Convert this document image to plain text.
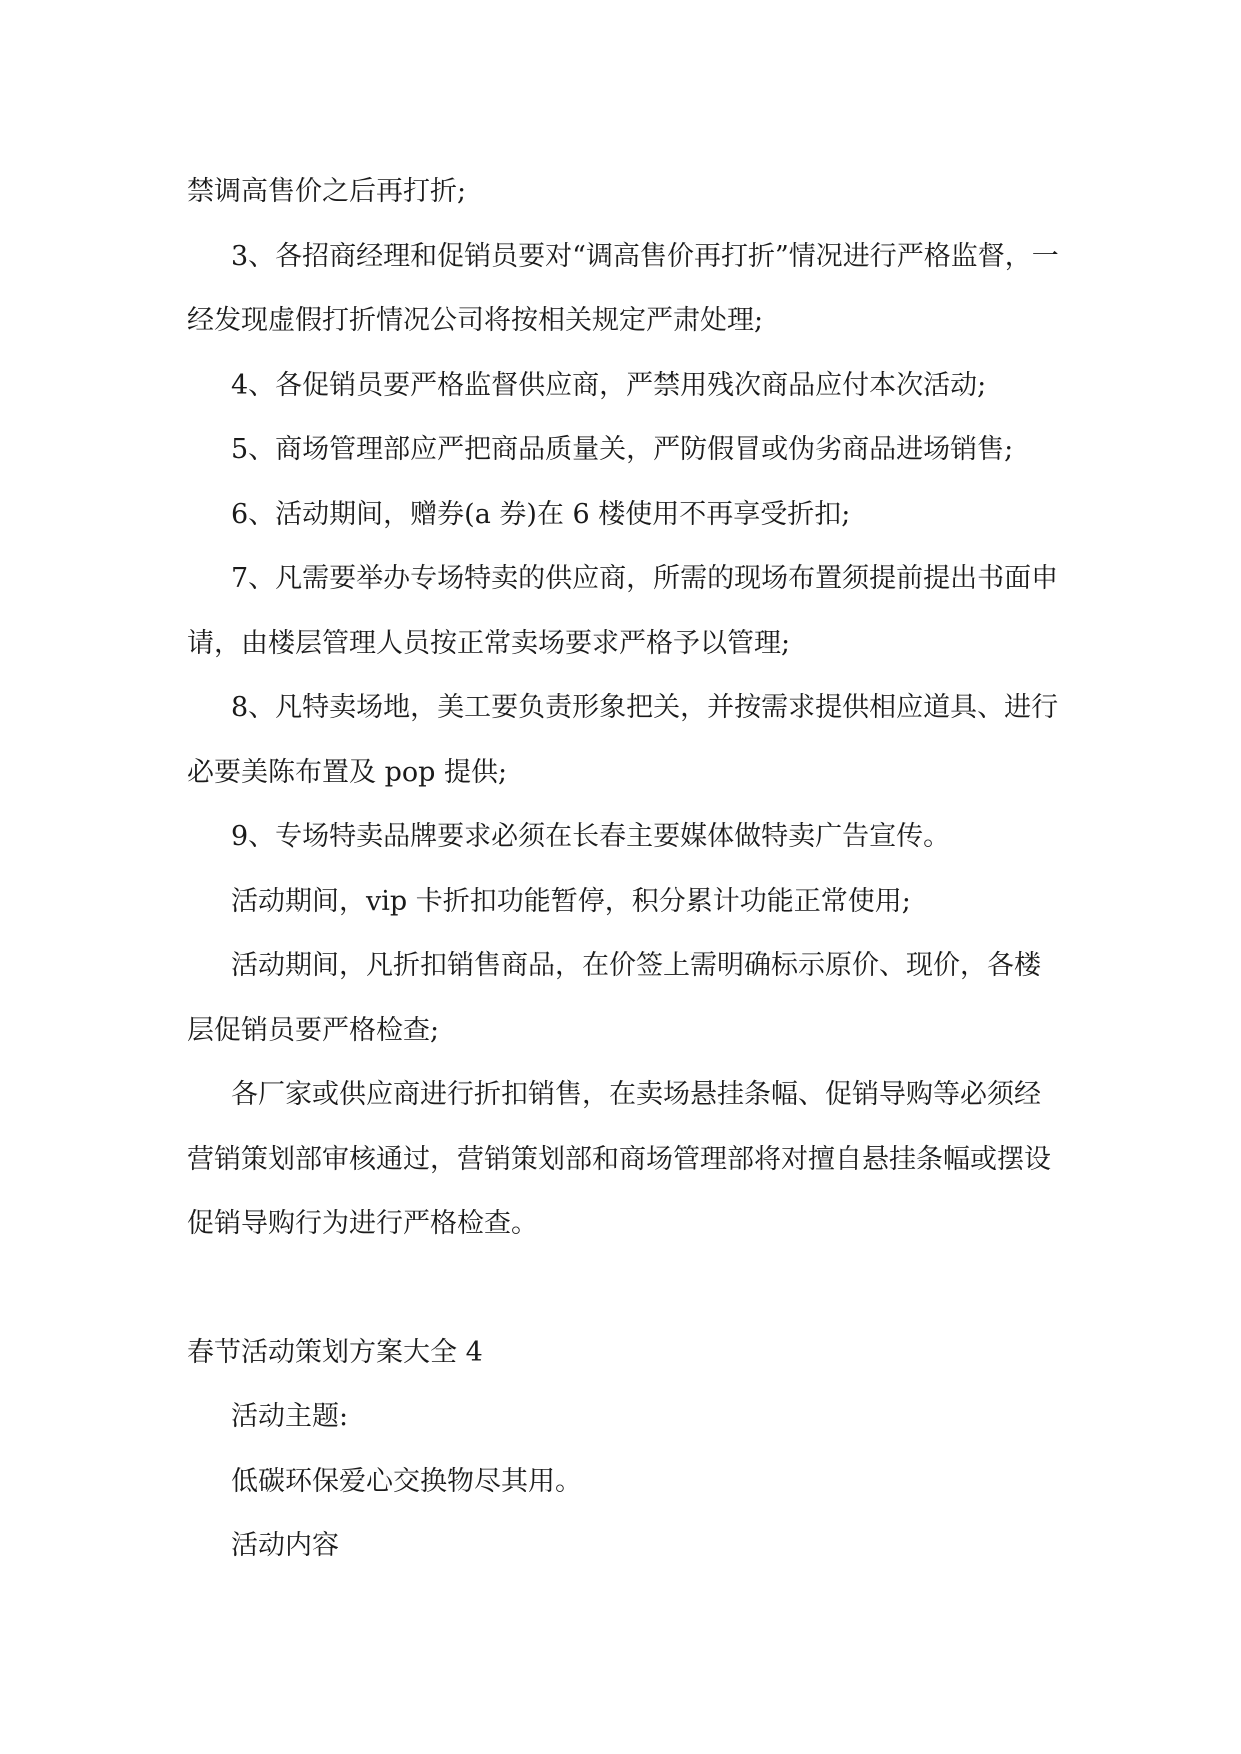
禁调高售价之后再打折;

3、各招商经理和促销员要对“调高售价再打折”情况进行严格监督，一经发现虚假打折情况公司将按相关规定严肃处理;

4、各促销员要严格监督供应商，严禁用残次商品应付本次活动;

5、商场管理部应严把商品质量关，严防假冒或伪劣商品进场销售;

6、活动期间，赠券(a 券)在 6 楼使用不再享受折扣;

7、凡需要举办专场特卖的供应商，所需的现场布置须提前提出书面申请，由楼层管理人员按正常卖场要求严格予以管理;

8、凡特卖场地，美工要负责形象把关，并按需求提供相应道具、进行必要美陈布置及 pop 提供;

9、专场特卖品牌要求必须在长春主要媒体做特卖广告宣传。

活动期间，vip 卡折扣功能暂停，积分累计功能正常使用;

活动期间，凡折扣销售商品，在价签上需明确标示原价、现价，各楼层促销员要严格检查;

各厂家或供应商进行折扣销售，在卖场悬挂条幅、促销导购等必须经营销策划部审核通过，营销策划部和商场管理部将对擅自悬挂条幅或摆设促销导购行为进行严格检查。

春节活动策划方案大全 4

活动主题:

低碳环保爱心交换物尽其用。

活动内容
